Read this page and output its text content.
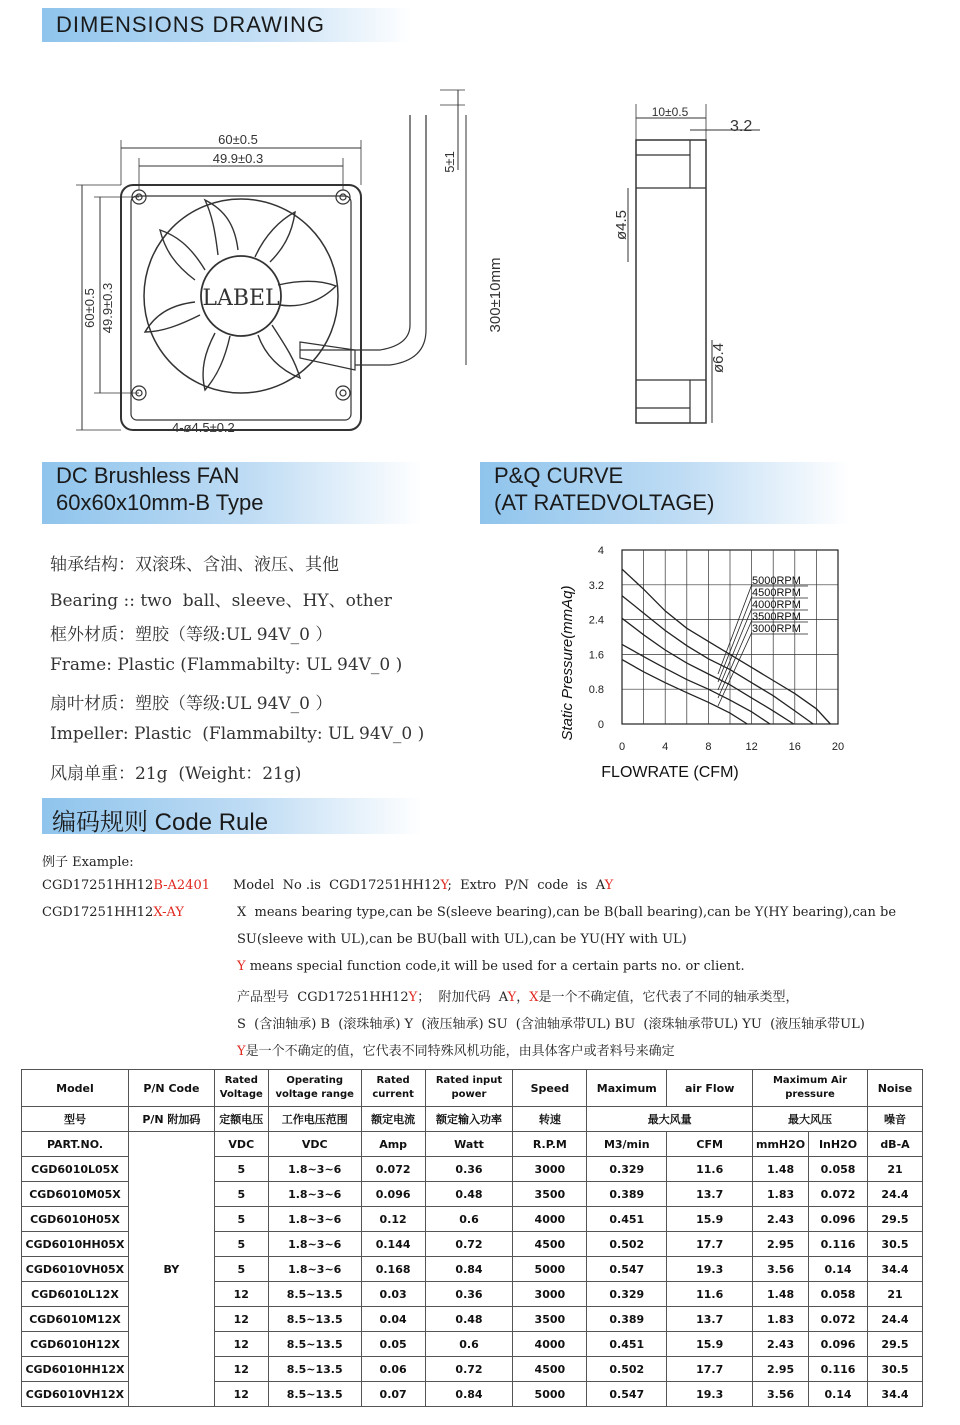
DIMENSIONS DRAWING
LABEL
60±0.5
49.9±0.3
60±0.5 49.9±0.3
5±1
300±10mm
4-ø4.5±0.2
10±0.5
3.2
ø4.5
ø6.4
DC Brushless FAN
60x60x10mm-B Type
P&Q CURVE
(AT RATEDVOLTAGE)
轴承结构：双滚珠、含油、液压、其他
Bearing :: two  ball、sleeve、HY、other
框外材质：塑胶（等级:UL 94V_0 ）
Frame: Plastic (Flammabilty: UL 94V_0 )
扇叶材质：塑胶（等级:UL 94V_0 ）
Impeller: Plastic  (Flammabilty: UL 94V_0 )
风扇单重：21g  (Weight：21g)
0	4	8	12	16	20
0
0.8
1.6
2.4
3.2
4
5000RPM
4500RPM
4000RPM
3500RPM
3000RPM
FLOWRATE (CFM)
Static Pressure(mmAq)
编码规则 Code Rule
例子 Example:
CGD17251HH12B-A2401
CGD17251HH12X-AY
Model  No .is  CGD17251HH12Y;  Extro  P/N  code  is  AY
X  means bearing type,can be S(sleeve bearing),can be B(ball bearing),can be Y(HY bearing),can be
SU(sleeve with UL),can be BU(ball with UL),can be YU(HY with UL)
Y means special function code,it will be used for a certain parts no. or client.
产品型号  CGD17251HH12Y；  附加代码  AY，X是一个不确定值，它代表了不同的轴承类型，
S  (含油轴承) B  (滚珠轴承) Y  (液压轴承) SU  (含油轴承带UL) BU  (滚珠轴承带UL) YU  (液压轴承带UL)
Y是一个不确定的值，它代表不同特殊风机功能，由具体客户或者料号来确定
Model	P/N Code	Rated Voltage	Operating voltage range	Rated current	Rated input power	Speed	Maximum	air Flow	Maximum Air pressure		Noise
型号	P/N 附加码	定额电压	工作电压范围	额定电流	额定输入功率	转速	最大风量		最大风压		噪音
PART.NO.	BY	VDC	VDC	Amp	Watt	R.P.M	M3/min	CFM	mmH2O	InH2O	dB-A
CGD6010L05X		5	1.8~3~6	0.072	0.36	3000	0.329	11.6	1.48	0.058	21
CGD6010M05X		5	1.8~3~6	0.096	0.48	3500	0.389	13.7	1.83	0.072	24.4
CGD6010H05X		5	1.8~3~6	0.12	0.6	4000	0.451	15.9	2.43	0.096	29.5
CGD6010HH05X		5	1.8~3~6	0.144	0.72	4500	0.502	17.7	2.95	0.116	30.5
CGD6010VH05X		5	1.8~3~6	0.168	0.84	5000	0.547	19.3	3.56	0.14	34.4
CGD6010L12X		12	8.5~13.5	0.03	0.36	3000	0.329	11.6	1.48	0.058	21
CGD6010M12X		12	8.5~13.5	0.04	0.48	3500	0.389	13.7	1.83	0.072	24.4
CGD6010H12X		12	8.5~13.5	0.05	0.6	4000	0.451	15.9	2.43	0.096	29.5
CGD6010HH12X		12	8.5~13.5	0.06	0.72	4500	0.502	17.7	2.95	0.116	30.5
CGD6010VH12X		12	8.5~13.5	0.07	0.84	5000	0.547	19.3	3.56	0.14	34.4
